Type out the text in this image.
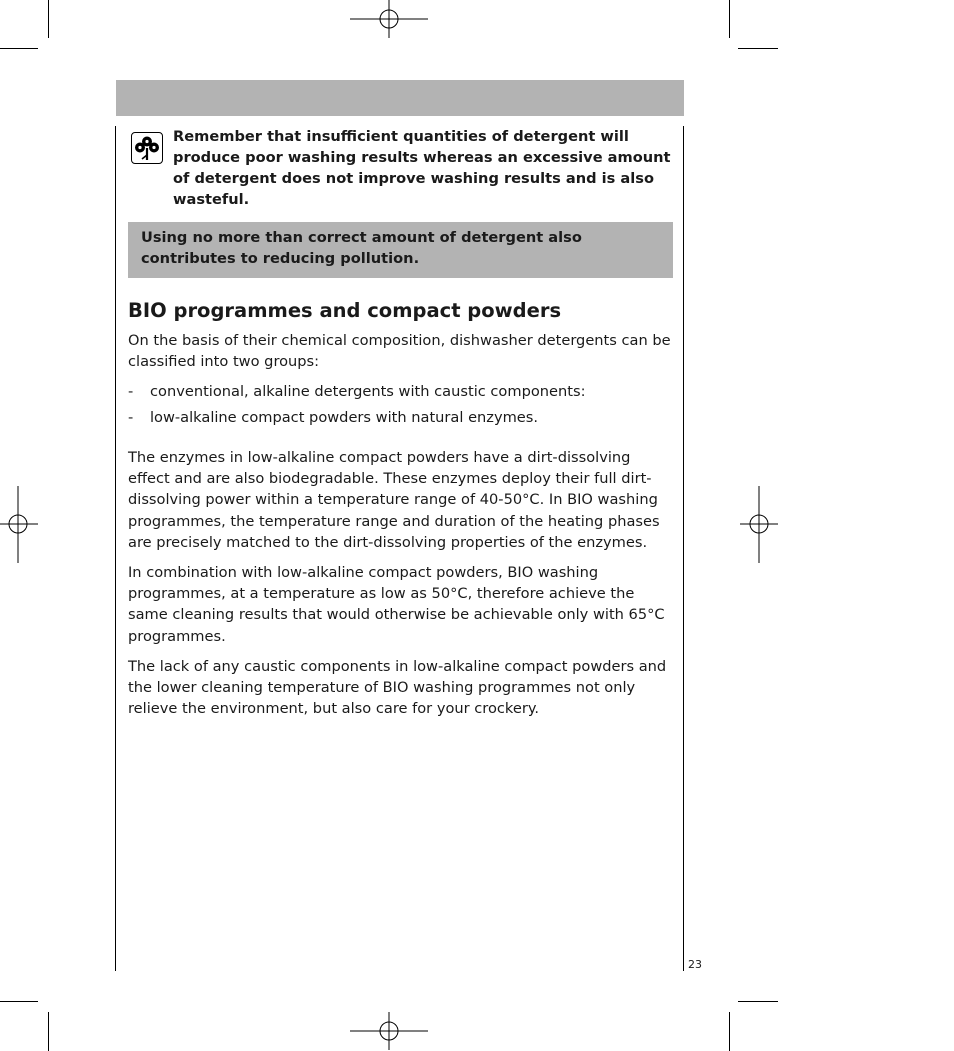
Remember that insufficient quantities of detergent will produce poor washing results whereas an excessive amount of detergent does not improve washing results and is also wasteful.
Using no more than correct amount of detergent also contributes to reducing pollution.
BIO programmes and compact powders
On the basis of their chemical composition, dishwasher detergents can be classified into two groups:
- conventional, alkaline detergents with caustic components:
- low-alkaline compact powders with natural enzymes.
The enzymes in low-alkaline compact powders have a dirt-dissolving effect and are also biodegradable. These enzymes deploy their full dirt-dissolving power within a temperature range of 40-50°C. In BIO washing programmes, the temperature range and duration of the heating phases are precisely matched to the dirt-dissolving properties of the enzymes.
In combination with low-alkaline compact powders, BIO washing programmes, at a temperature as low as 50°C, therefore achieve the same cleaning results that would otherwise be achievable only with 65°C programmes.
The lack of any caustic components in low-alkaline compact powders and the lower cleaning temperature of BIO washing programmes not only relieve the environment, but also care for your crockery.
23
